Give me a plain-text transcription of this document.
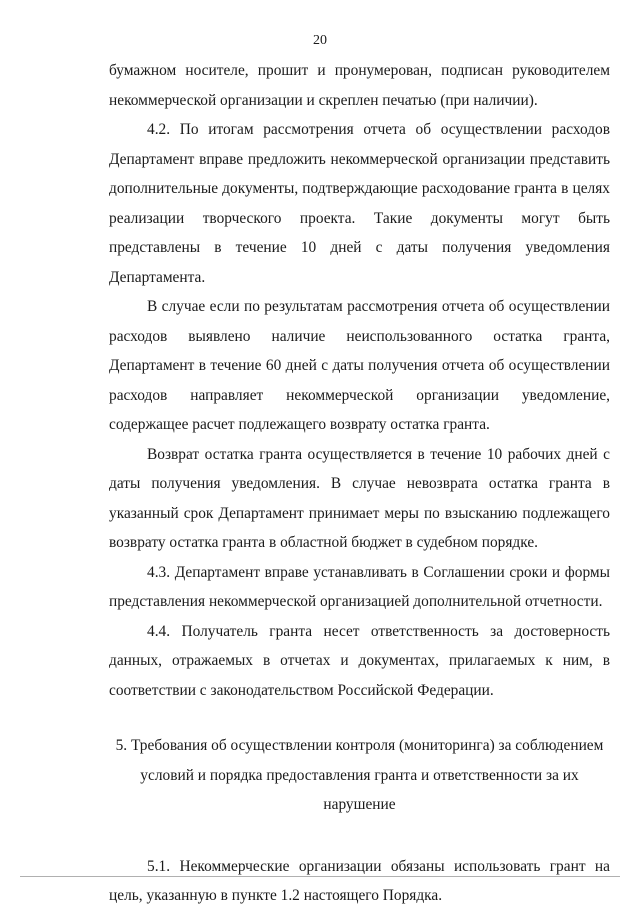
20

бумажном носителе, прошит и пронумерован, подписан руководителем некоммерческой организации и скреплен печатью (при наличии).

4.2. По итогам рассмотрения отчета об осуществлении расходов Департамент вправе предложить некоммерческой организации представить дополнительные документы, подтверждающие расходование гранта в целях реализации творческого проекта. Такие документы могут быть представлены в течение 10 дней с даты получения уведомления Департамента.

В случае если по результатам рассмотрения отчета об осуществлении расходов выявлено наличие неиспользованного остатка гранта, Департамент в течение 60 дней с даты получения отчета об осуществлении расходов направляет некоммерческой организации уведомление, содержащее расчет подлежащего возврату остатка гранта.

Возврат остатка гранта осуществляется в течение 10 рабочих дней с даты получения уведомления. В случае невозврата остатка гранта в указанный срок Департамент принимает меры по взысканию подлежащего возврату остатка гранта в областной бюджет в судебном порядке.

4.3. Департамент вправе устанавливать в Соглашении сроки и формы представления некоммерческой организацией дополнительной отчетности.

4.4. Получатель гранта несет ответственность за достоверность данных, отражаемых в отчетах и документах, прилагаемых к ним, в соответствии с законодательством Российской Федерации.

5. Требования об осуществлении контроля (мониторинга) за соблюдением условий и порядка предоставления гранта и ответственности за их нарушение

5.1. Некоммерческие организации обязаны использовать грант на цель, указанную в пункте 1.2 настоящего Порядка.
